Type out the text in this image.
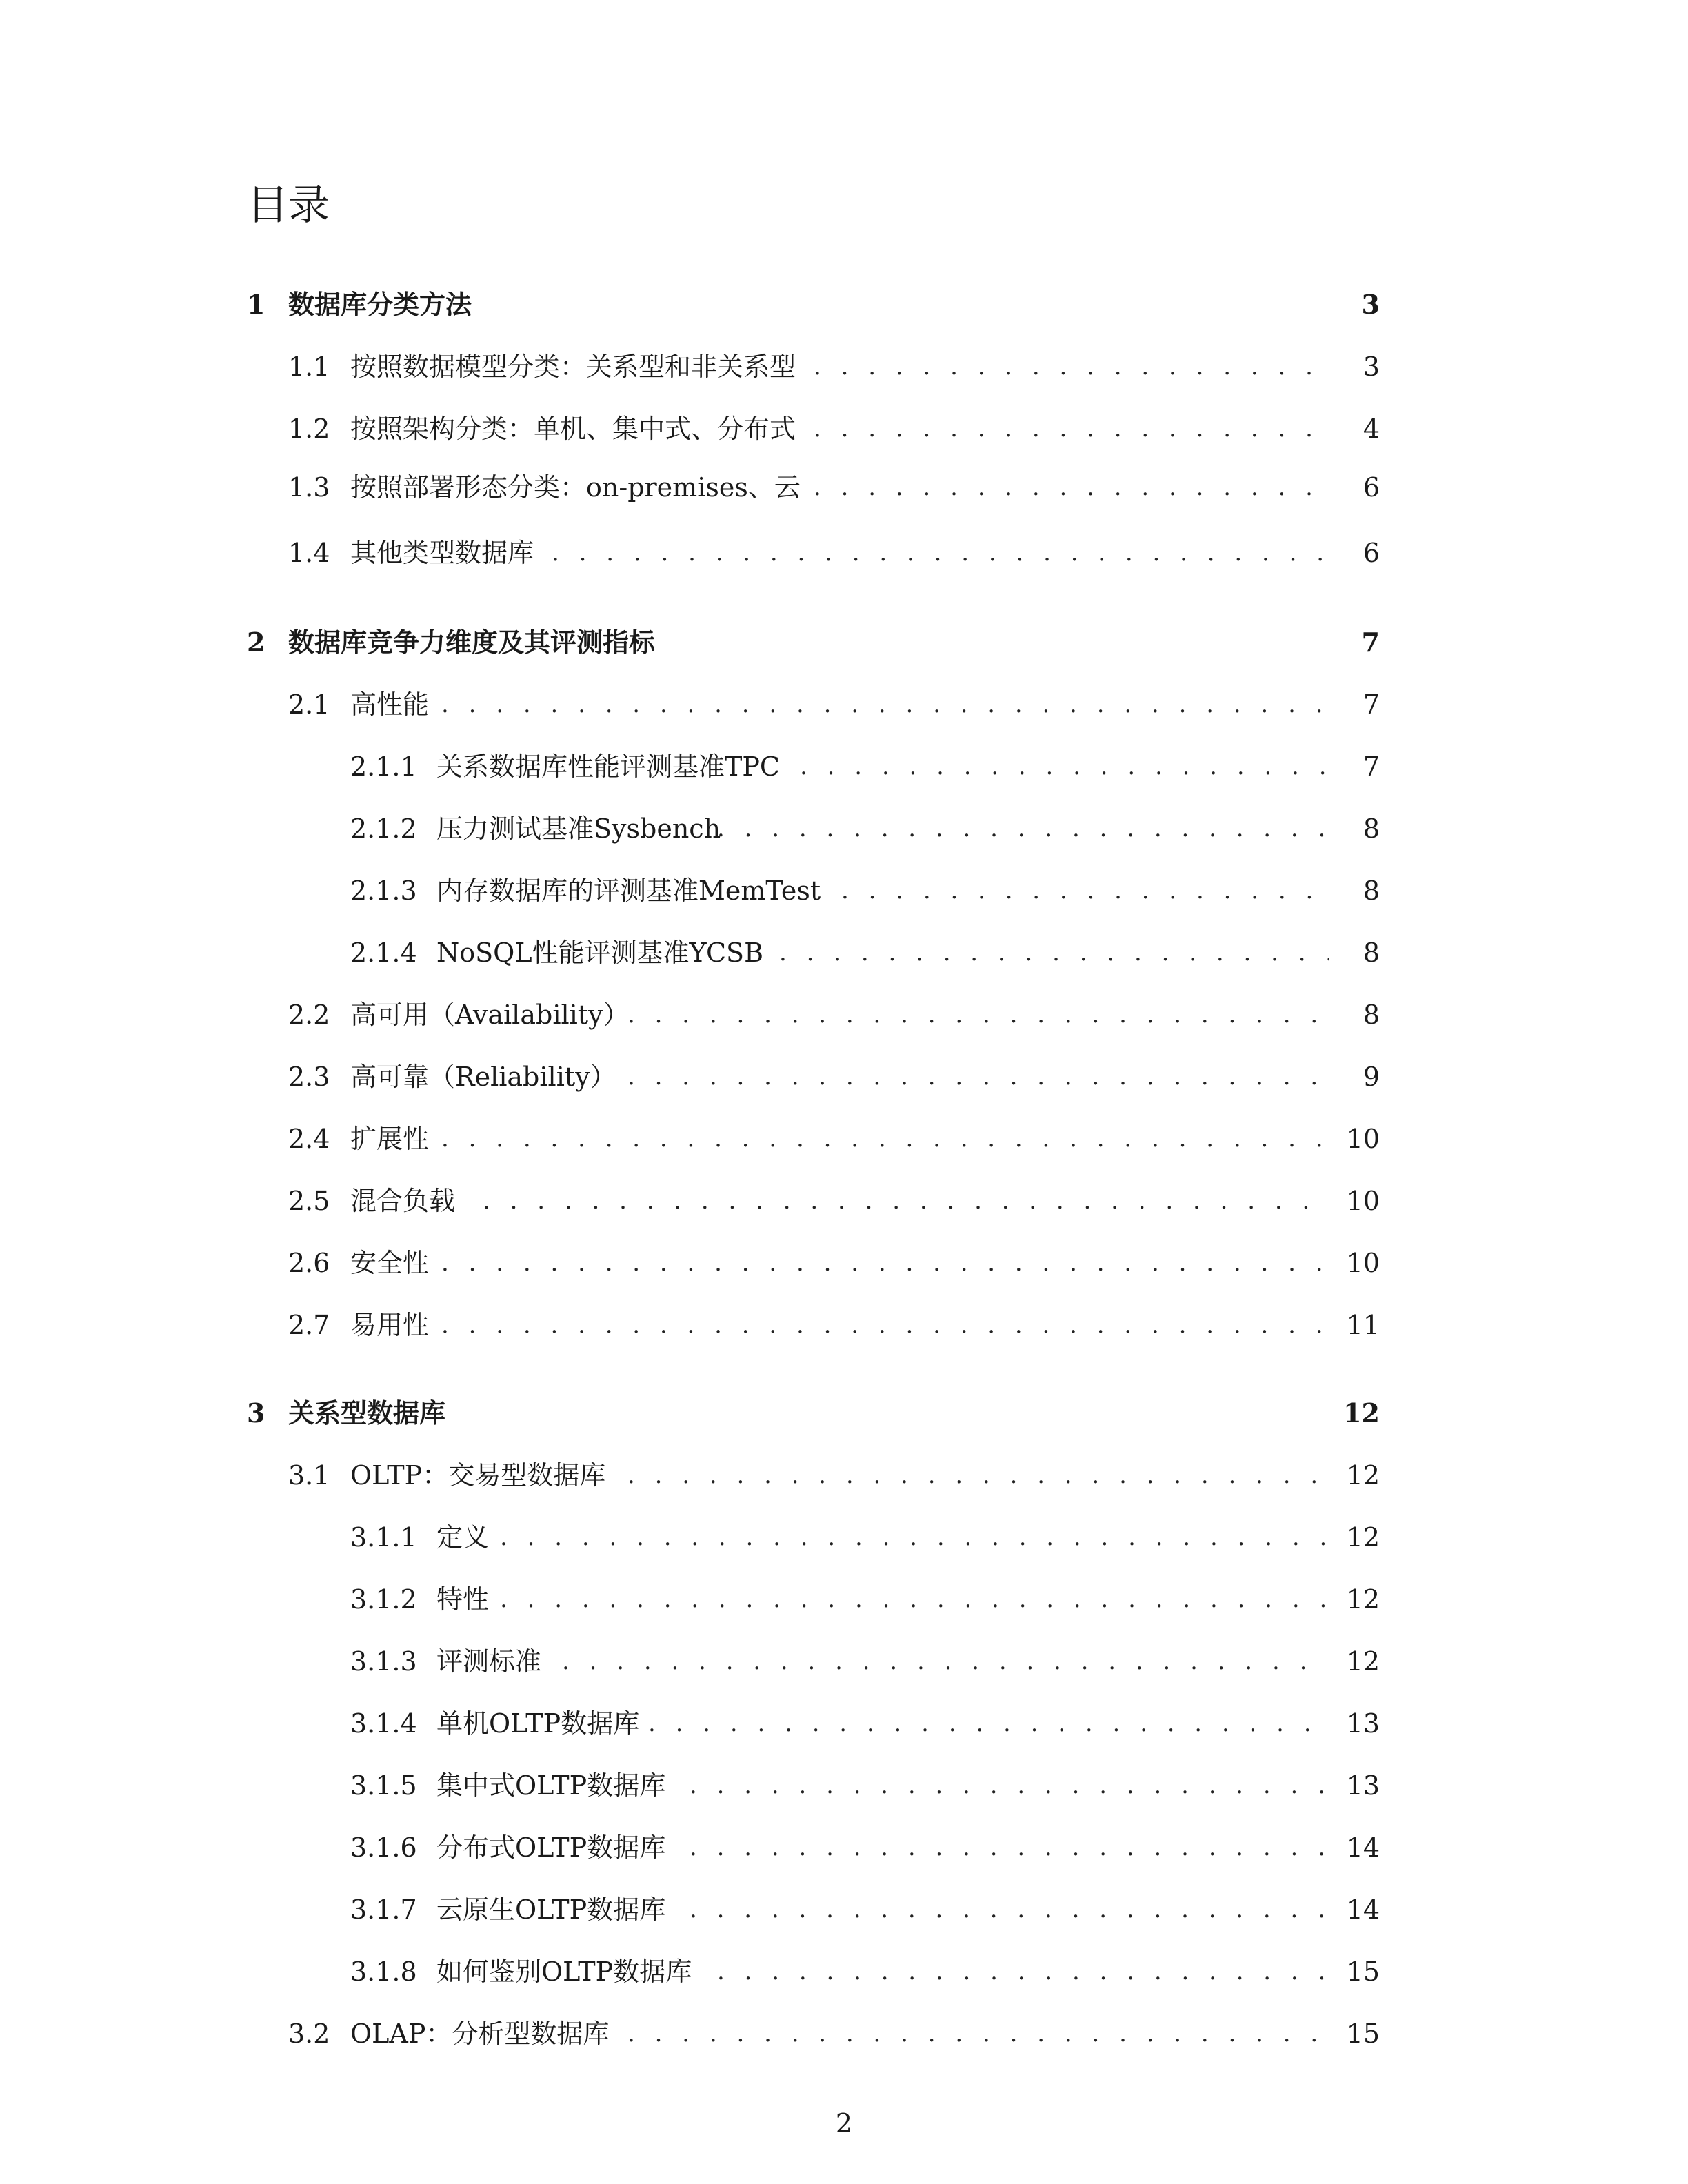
目录
1 数据库分类方法	3
1.1 按照数据模型分类：关系型和非关系型 . . .	3
1.2 按照架构分类：单机、集中式、分布式 . . .	4
1.3 按照部署形态分类：on-premises、云 . . .	6
1.4 其他类型数据库 . . .	6
2 数据库竞争力维度及其评测指标	7
2.1 高性能 . . .	7
2.1.1 关系数据库性能评测基准TPC . . .	7
2.1.2 压力测试基准Sysbench . . .	8
2.1.3 内存数据库的评测基准MemTest . . .	8
2.1.4 NoSQL性能评测基准YCSB . . .	8
2.2 高可用（Availability） . . .	8
2.3 高可靠（Reliability） . . .	9
2.4 扩展性 . . .	10
2.5 混合负载 . . .	10
2.6 安全性 . . .	10
2.7 易用性 . . .	11
3 关系型数据库	12
3.1 OLTP：交易型数据库 . . .	12
3.1.1 定义 . . .	12
3.1.2 特性 . . .	12
3.1.3 评测标准 . . .	12
3.1.4 单机OLTP数据库 . . .	13
3.1.5 集中式OLTP数据库 . . .	13
3.1.6 分布式OLTP数据库 . . .	14
3.1.7 云原生OLTP数据库 . . .	14
3.1.8 如何鉴别OLTP数据库 . . .	15
3.2 OLAP：分析型数据库 . . .	15
2
